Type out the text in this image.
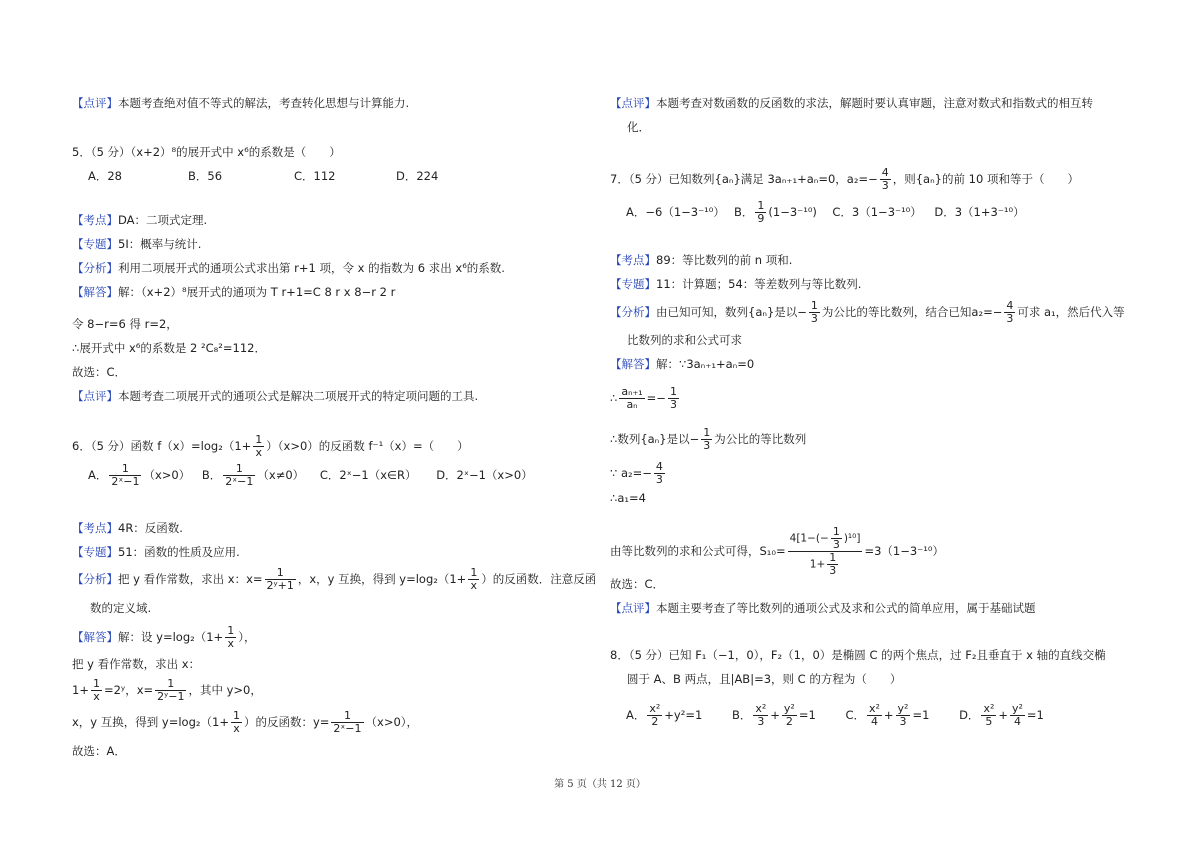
【点评】本题考查绝对值不等式的解法，考查转化思想与计算能力.
5．（5 分）（x+2）⁸的展开式中 x⁶的系数是（　　）
A．28	B．56	C．112	D．224
【考点】DA：二项式定理.
【专题】5I：概率与统计.
【分析】利用二项展开式的通项公式求出第 r+1 项，令 x 的指数为 6 求出 x⁶的系数.
【解答】解：（x+2）⁸展开式的通项为 T r+1=C 8 r x 8−r 2 r
令 8−r=6 得 r=2，
∴展开式中 x⁶的系数是 2 ²C₈²=112．
故选：C．
【点评】本题考查二项展开式的通项公式是解决二项展开式的特定项问题的工具.
6．（5 分）函数 $f(x)=\log_2(1+ \frac{1}{x} )(x>0)$的反函数 f⁻¹（x）=（　　）
A． $\frac{1}{\text{2ˣ−1}} (x>0)$ B． $\frac{1}{\text{2ˣ−1}} (x\ne 0)$ C．2ˣ−1（x∈R） D．2ˣ−1（x>0）
【考点】4R：反函数.
【专题】51：函数的性质及应用.
【分析】把 y 看作常数，求出 x：$x= \frac{1}{\text{2ʸ+1}}$ ，x，y 互换，得到 $y=\log_2(1+ \frac{1}{x}$ ）的反函数．注意反函
数的定义域.
【解答】解：设 $y=\log_2(1+ \frac{1}{x}$ ），
把 y 看作常数，求出 x：
$1+ \frac{1}{x}$ =2ʸ，$x= \frac{1}{\text{2ʸ−1}}$ ，其中 y>0，
x，y 互换，得到 $y=\log_2(1+ \frac{1}{x}$ ）的反函数：$y= \frac{1}{\text{2ˣ−1}} (x>0)$，
故选：A．
【点评】本题考查对数函数的反函数的求法，解题时要认真审题，注意对数式和指数式的相互转
化．
7．（5 分）已知数列{aₙ}满足 3aₙ₊₁+aₙ=0，$a_2=- \frac{4}{3}$ ，则{aₙ}的前 10 项和等于（　　）
A．−6（1−3⁻¹⁰） B． $\frac{1}{9} (1-3^{-10})$ C．3（1−3⁻¹⁰） D．3（1+3⁻¹⁰）
【考点】89：等比数列的前 n 项和.
【专题】11：计算题；54：等差数列与等比数列.
【分析】由已知可知，数列{aₙ}是以− $\frac{1}{3}$ 为公比的等比数列，结合已知$a_2=- \frac{4}{3}$ 可求 a₁，然后代入等
比数列的求和公式可求
【解答】解：∵3aₙ₊₁+aₙ=0
∴ $\frac{\text{aₙ₊₁}}{\text{aₙ}} =- \frac{1}{3}$
∴数列{aₙ}是以− $\frac{1}{3}$ 为公比的等比数列
∵ $a_2=- \frac{4}{3}$
∴a₁=4
由等比数列的求和公式可得，$S_{10}= \frac{4[1-(- \frac{1}{3} )^{10}]}{1+ \frac{1}{3}} =3(1-3^{-10})$
故选：C．
【点评】本题主要考查了等比数列的通项公式及求和公式的简单应用，属于基础试题
8．（5 分）已知 F₁（−1，0），F₂（1，0）是椭圆 C 的两个焦点，过 F₂且垂直于 x 轴的直线交椭
圆于 A、B 两点，且|AB|=3，则 C 的方程为（　　）
A． $\frac{\text{x²}}{2} +y^2=1$	B． $\frac{\text{x²}}{3} + \frac{\text{y²}}{2} =1$	C． $\frac{\text{x²}}{4} + \frac{\text{y²}}{3} =1$	D． $\frac{\text{x²}}{5} + \frac{\text{y²}}{4} =1$
第 5 页（共 12 页）
